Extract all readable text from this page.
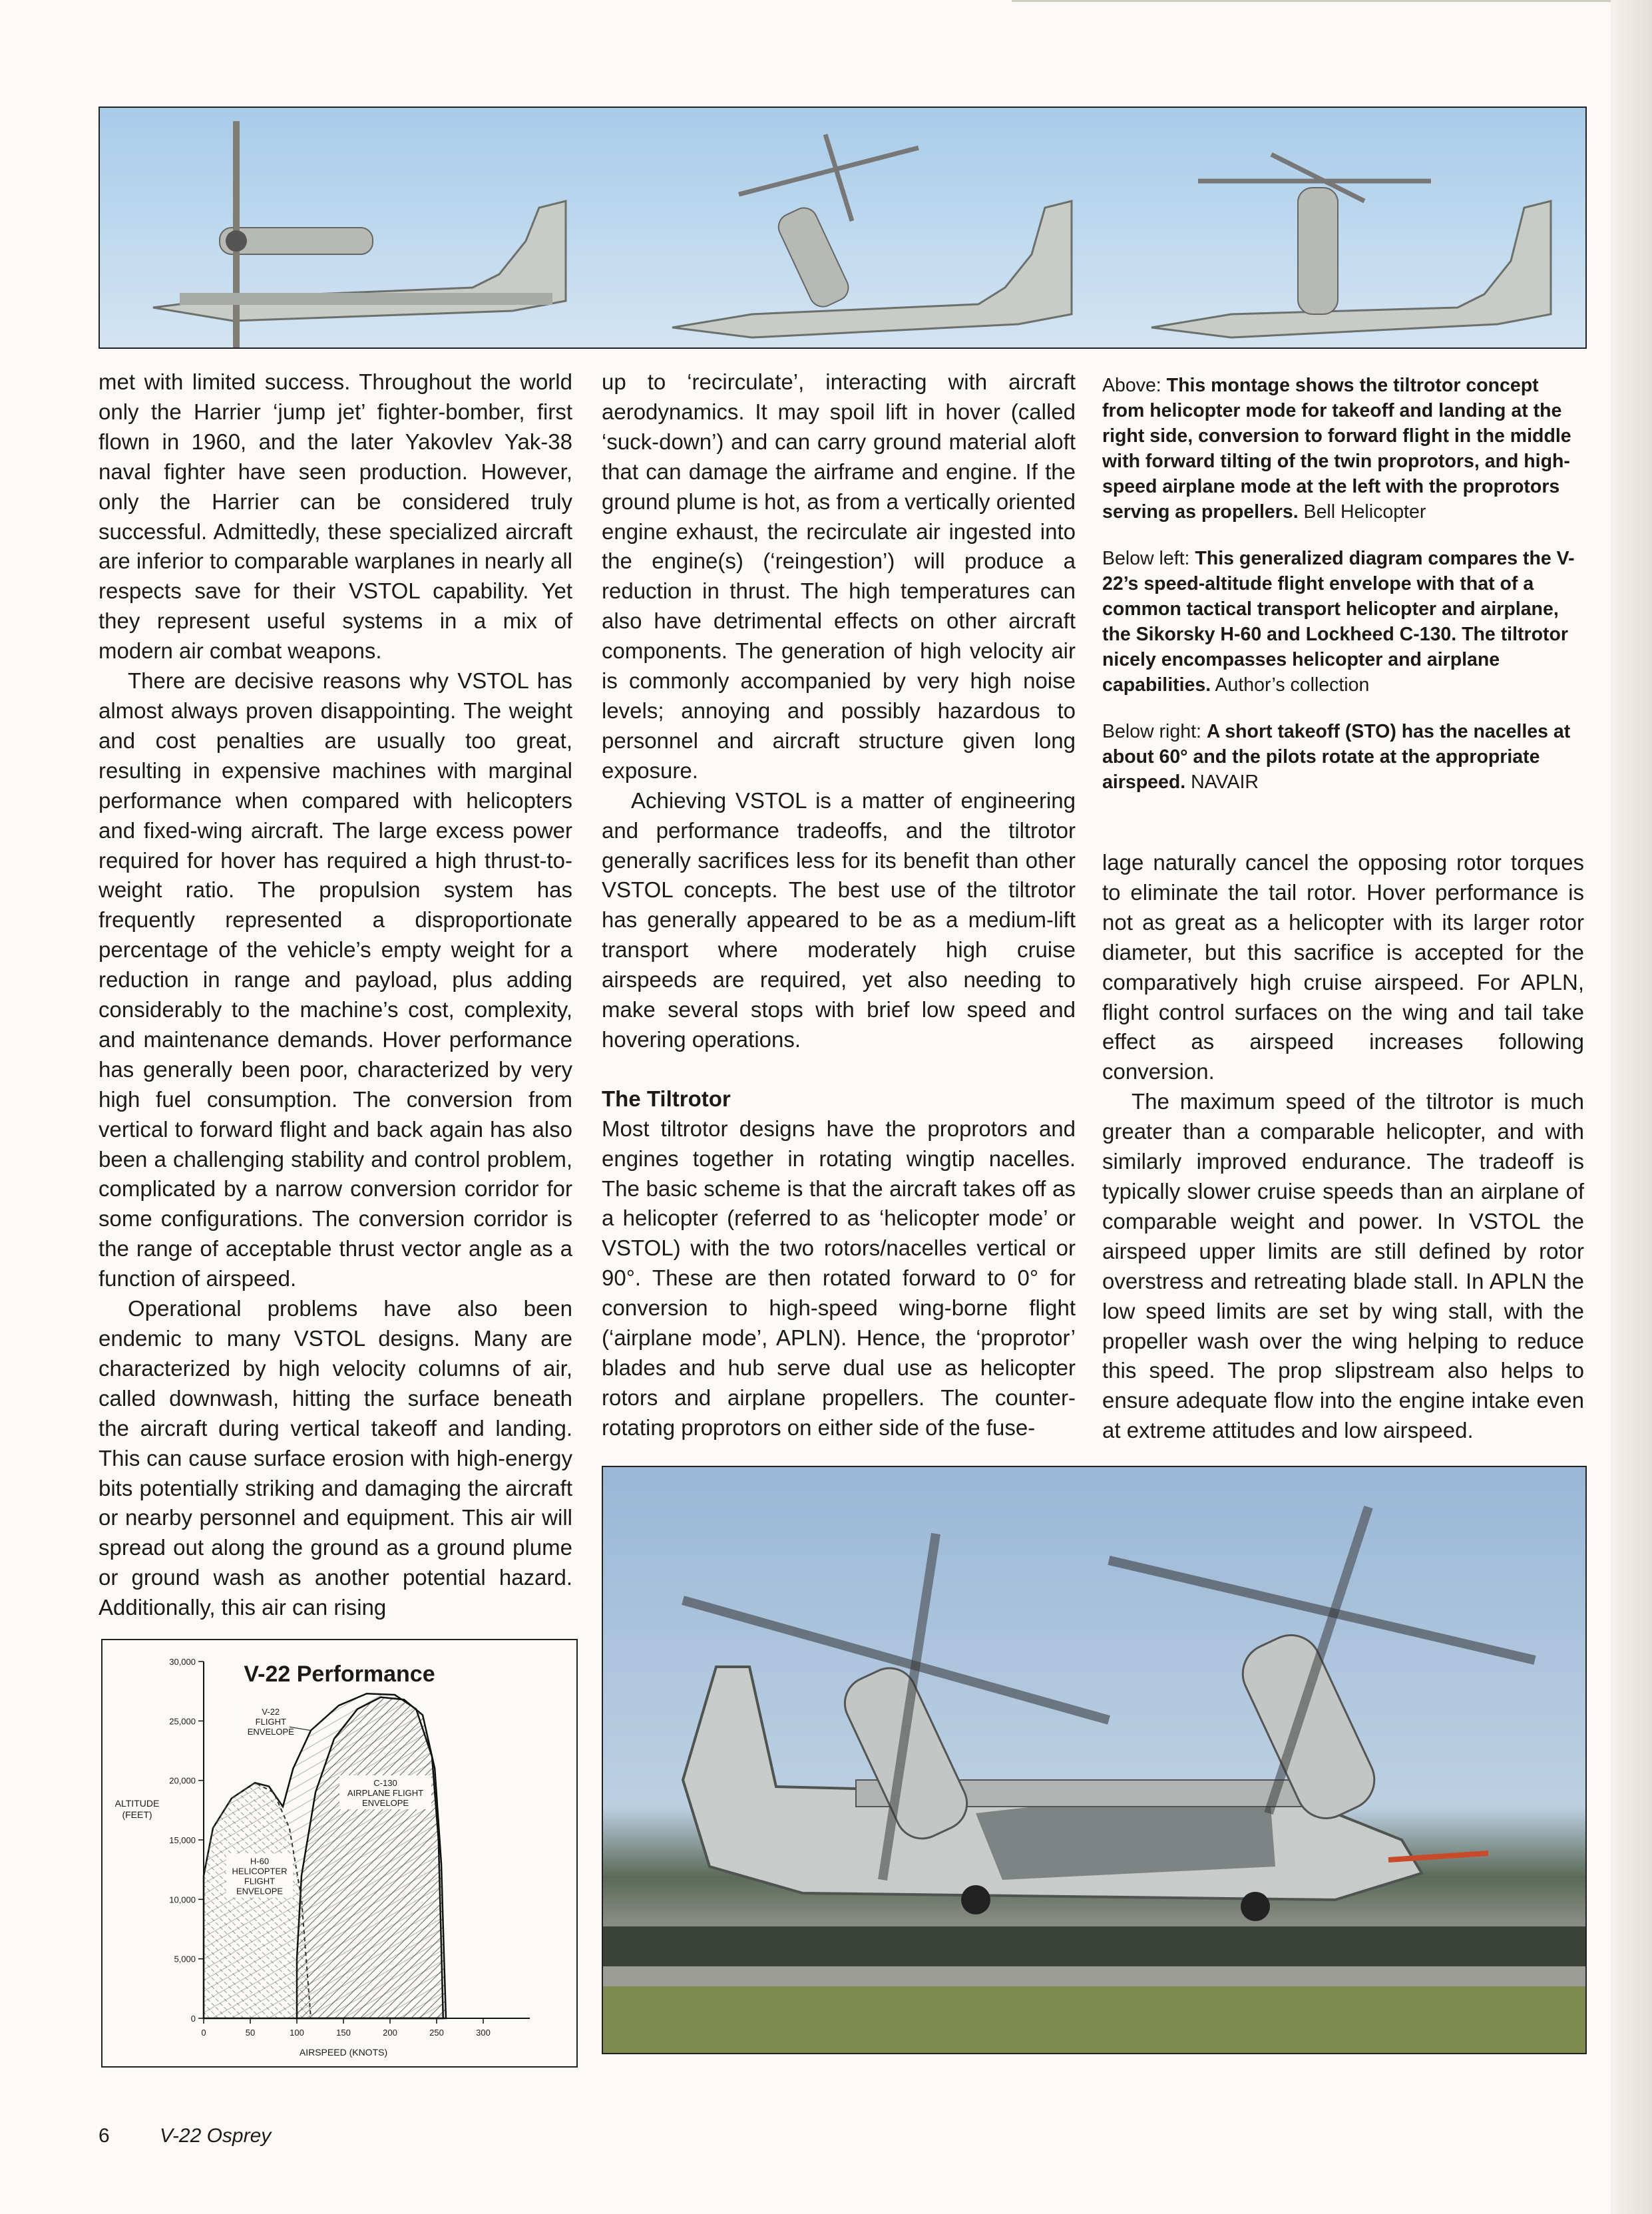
met with limited success. Throughout the world only the Harrier ‘jump jet’ fighter-bomber, first flown in 1960, and the later Yakovlev Yak-38 naval fighter have seen production. However, only the Harrier can be considered truly successful. Admittedly, these specialized aircraft are inferior to comparable warplanes in nearly all respects save for their VSTOL capability. Yet they represent useful systems in a mix of modern air combat weapons.

There are decisive reasons why VSTOL has almost always proven disappointing. The weight and cost penalties are usually too great, resulting in expensive machines with marginal performance when compared with helicopters and fixed-wing aircraft. The large excess power required for hover has required a high thrust-to-weight ratio. The propulsion system has frequently represented a disproportionate percentage of the vehicle’s empty weight for a reduction in range and payload, plus adding considerably to the machine’s cost, complexity, and maintenance demands. Hover performance has generally been poor, characterized by very high fuel consumption. The conversion from vertical to forward flight and back again has also been a challenging stability and control problem, complicated by a narrow conversion corridor for some configurations. The conversion corridor is the range of acceptable thrust vector angle as a function of airspeed.

Operational problems have also been endemic to many VSTOL designs. Many are characterized by high velocity columns of air, called downwash, hitting the surface beneath the aircraft during vertical takeoff and landing. This can cause surface erosion with high-energy bits potentially striking and damaging the aircraft or nearby personnel and equipment. This air will spread out along the ground as a ground plume or ground wash as another potential hazard. Additionally, this air can rising

up to ‘recirculate’, interacting with aircraft aerodynamics. It may spoil lift in hover (called ‘suck-down’) and can carry ground material aloft that can damage the airframe and engine. If the ground plume is hot, as from a vertically oriented engine exhaust, the recirculate air ingested into the engine(s) (‘reingestion’) will produce a reduction in thrust. The high temperatures can also have detrimental effects on other aircraft components. The generation of high velocity air is commonly accompanied by very high noise levels; annoying and possibly hazardous to personnel and aircraft structure given long exposure.

Achieving VSTOL is a matter of engineering and performance tradeoffs, and the tiltrotor generally sacrifices less for its benefit than other VSTOL concepts. The best use of the tiltrotor has generally appeared to be as a medium-lift transport where moderately high cruise airspeeds are required, yet also needing to make several stops with brief low speed and hovering operations.

The Tiltrotor

Most tiltrotor designs have the proprotors and engines together in rotating wingtip nacelles. The basic scheme is that the aircraft takes off as a helicopter (referred to as ‘helicopter mode’ or VSTOL) with the two rotors/nacelles vertical or 90°. These are then rotated forward to 0° for conversion to high-speed wing-borne flight (‘airplane mode’, APLN). Hence, the ‘proprotor’ blades and hub serve dual use as helicopter rotors and airplane propellers. The counter-rotating proprotors on either side of the fuse-

Above: This montage shows the tiltrotor concept from helicopter mode for takeoff and landing at the right side, conversion to forward flight in the middle with forward tilting of the twin proprotors, and high-speed airplane mode at the left with the proprotors serving as propellers. Bell Helicopter

Below left: This generalized diagram compares the V-22’s speed-altitude flight envelope with that of a common tactical transport helicopter and airplane, the Sikorsky H-60 and Lockheed C-130. The tiltrotor nicely encompasses helicopter and airplane capabilities. Author’s collection

Below right: A short takeoff (STO) has the nacelles at about 60° and the pilots rotate at the appropriate airspeed. NAVAIR

lage naturally cancel the opposing rotor torques to eliminate the tail rotor. Hover performance is not as great as a helicopter with its larger rotor diameter, but this sacrifice is accepted for the comparatively high cruise airspeed. For APLN, flight control surfaces on the wing and tail take effect as airspeed increases following conversion.

The maximum speed of the tiltrotor is much greater than a comparable helicopter, and with similarly improved endurance. The tradeoff is typically slower cruise speeds than an airplane of comparable weight and power. In VSTOL the airspeed upper limits are still defined by rotor overstress and retreating blade stall. In APLN the low speed limits are set by wing stall, with the propeller wash over the wing helping to reduce this speed. The prop slipstream also helps to ensure adequate flow into the engine intake even at extreme attitudes and low airspeed.

V-22 Performance
H-60
HELICOPTER
FLIGHT
ENVELOPE
C-130
AIRPLANE FLIGHT
ENVELOPE
V-22
FLIGHT
ENVELOPE
0	50	100	150	200	250	300
0
5,000
10,000
15,000
20,000
25,000
30,000
AIRSPEED (KNOTS)
ALTITUDE
(FEET)
6	V-22 Osprey
